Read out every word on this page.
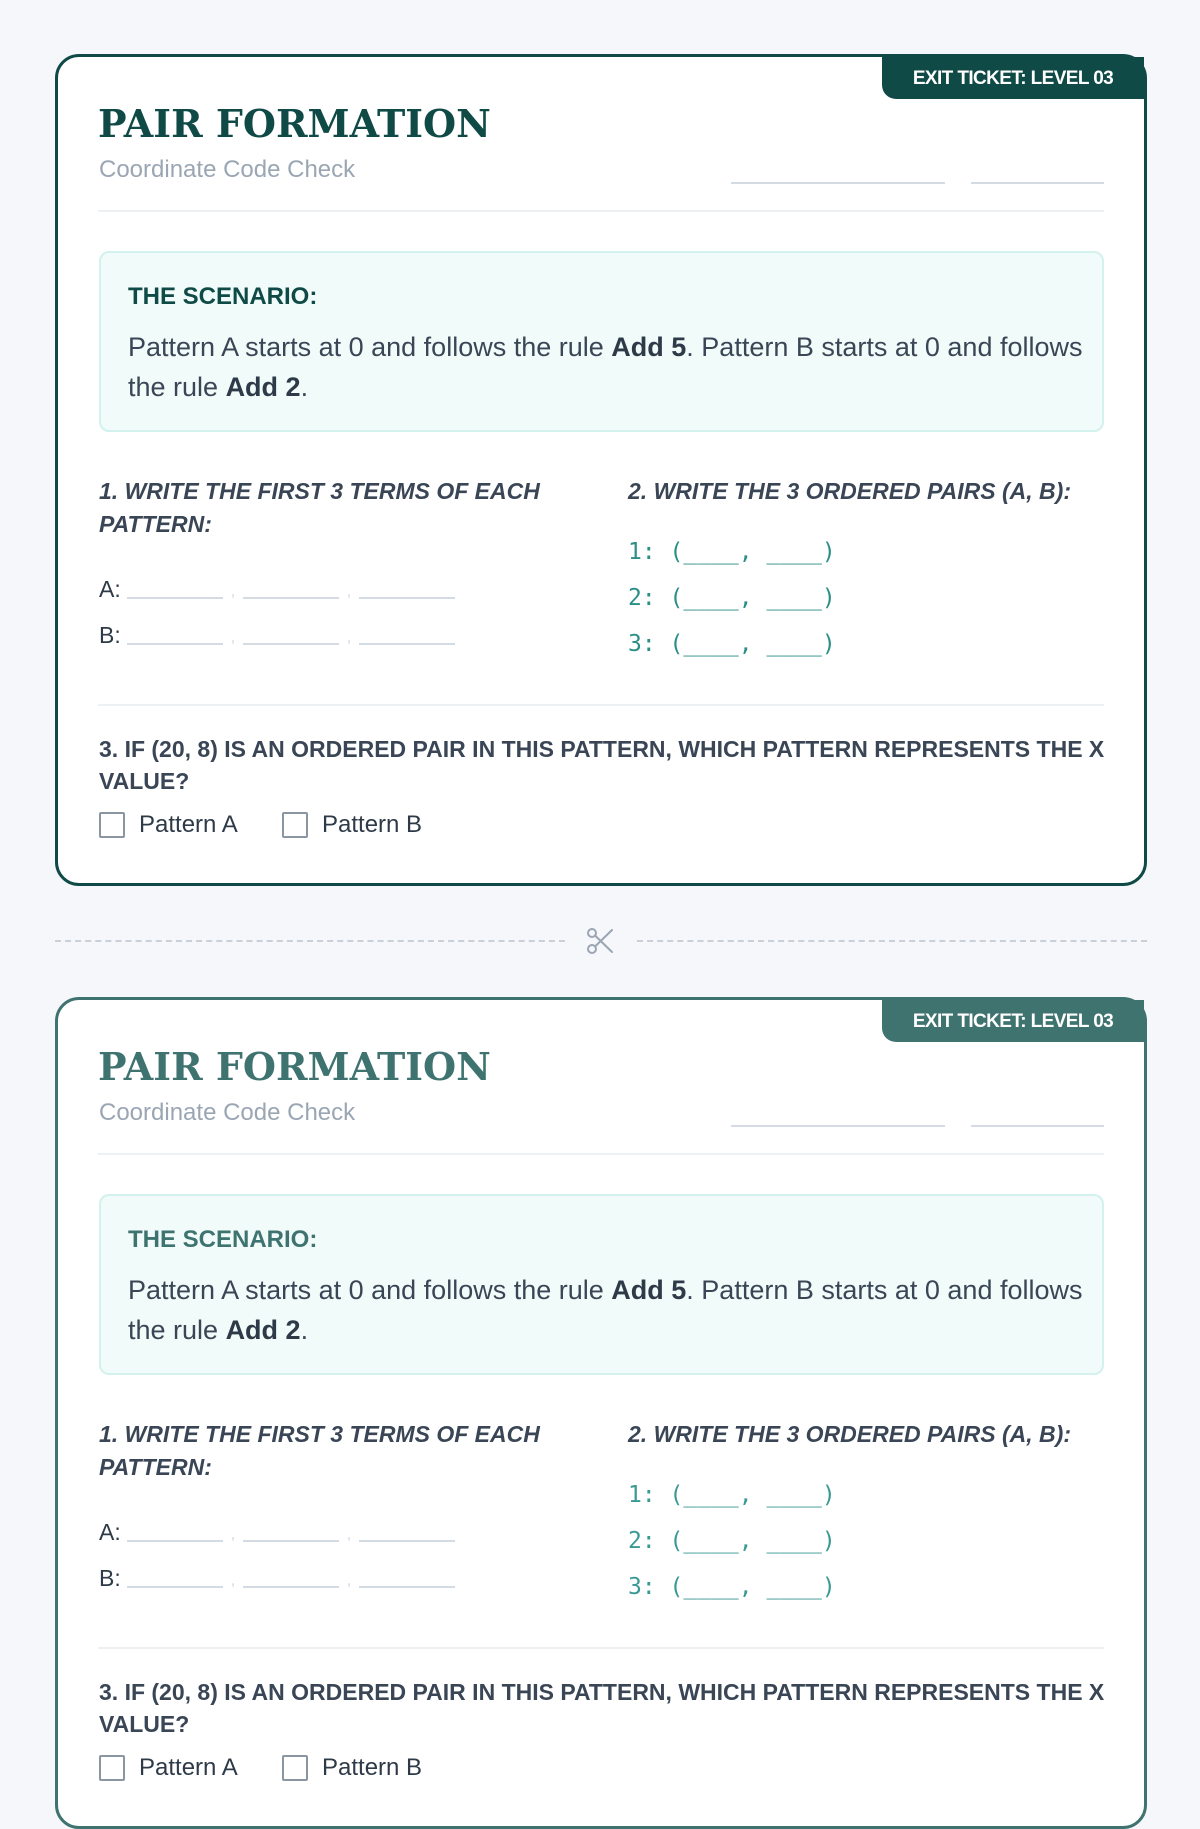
EXIT TICKET: LEVEL 03
PAIR FORMATION
Coordinate Code Check
THE SCENARIO:
Pattern A starts at 0 and follows the rule Add 5. Pattern B starts at 0 and follows the rule Add 2.
1. WRITE THE FIRST 3 TERMS OF EACH PATTERN:
A:	,	,
B:	,	,
2. WRITE THE 3 ORDERED PAIRS (A, B):
1: (____, ____)
2: (____, ____)
3: (____, ____)
3. IF (20, 8) IS AN ORDERED PAIR IN THIS PATTERN, WHICH PATTERN REPRESENTS THE X VALUE?
Pattern A	Pattern B
EXIT TICKET: LEVEL 03
PAIR FORMATION
Coordinate Code Check
THE SCENARIO:
Pattern A starts at 0 and follows the rule Add 5. Pattern B starts at 0 and follows the rule Add 2.
1. WRITE THE FIRST 3 TERMS OF EACH PATTERN:
A:	,	,
B:	,	,
2. WRITE THE 3 ORDERED PAIRS (A, B):
1: (____, ____)
2: (____, ____)
3: (____, ____)
3. IF (20, 8) IS AN ORDERED PAIR IN THIS PATTERN, WHICH PATTERN REPRESENTS THE X VALUE?
Pattern A	Pattern B
